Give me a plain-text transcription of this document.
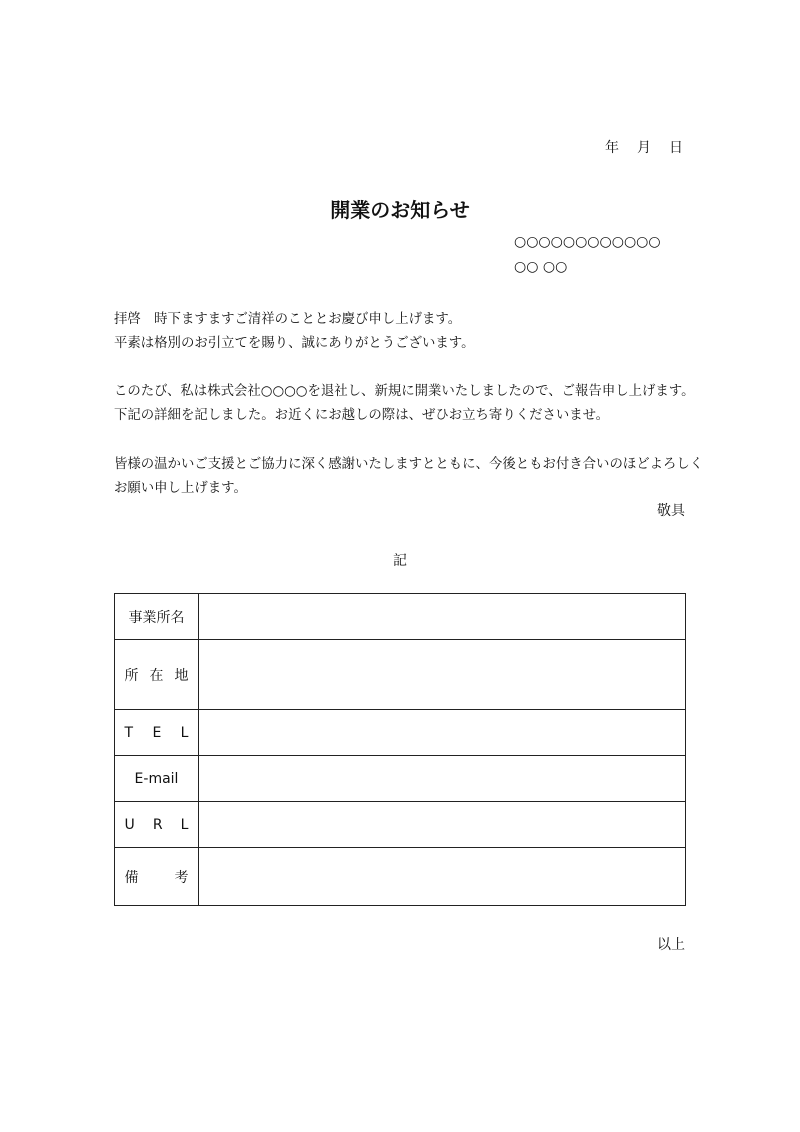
年　月　日
開業のお知らせ
○○○○○○○○○○○○
○○ ○○
拝啓　時下ますますご清祥のこととお慶び申し上げます。
平素は格別のお引立てを賜り、誠にありがとうございます。
このたび、私は株式会社○○○○を退社し、新規に開業いたしましたので、ご報告申し上げます。
下記の詳細を記しました。お近くにお越しの際は、ぜひお立ち寄りくださいませ。
皆様の温かいご支援とご協力に深く感謝いたしますとともに、今後ともお付き合いのほどよろしく
お願い申し上げます。
敬具
記
事業所名	

所 在 地	

T E L	

E-mail	

U R L	

備 考	

以上
